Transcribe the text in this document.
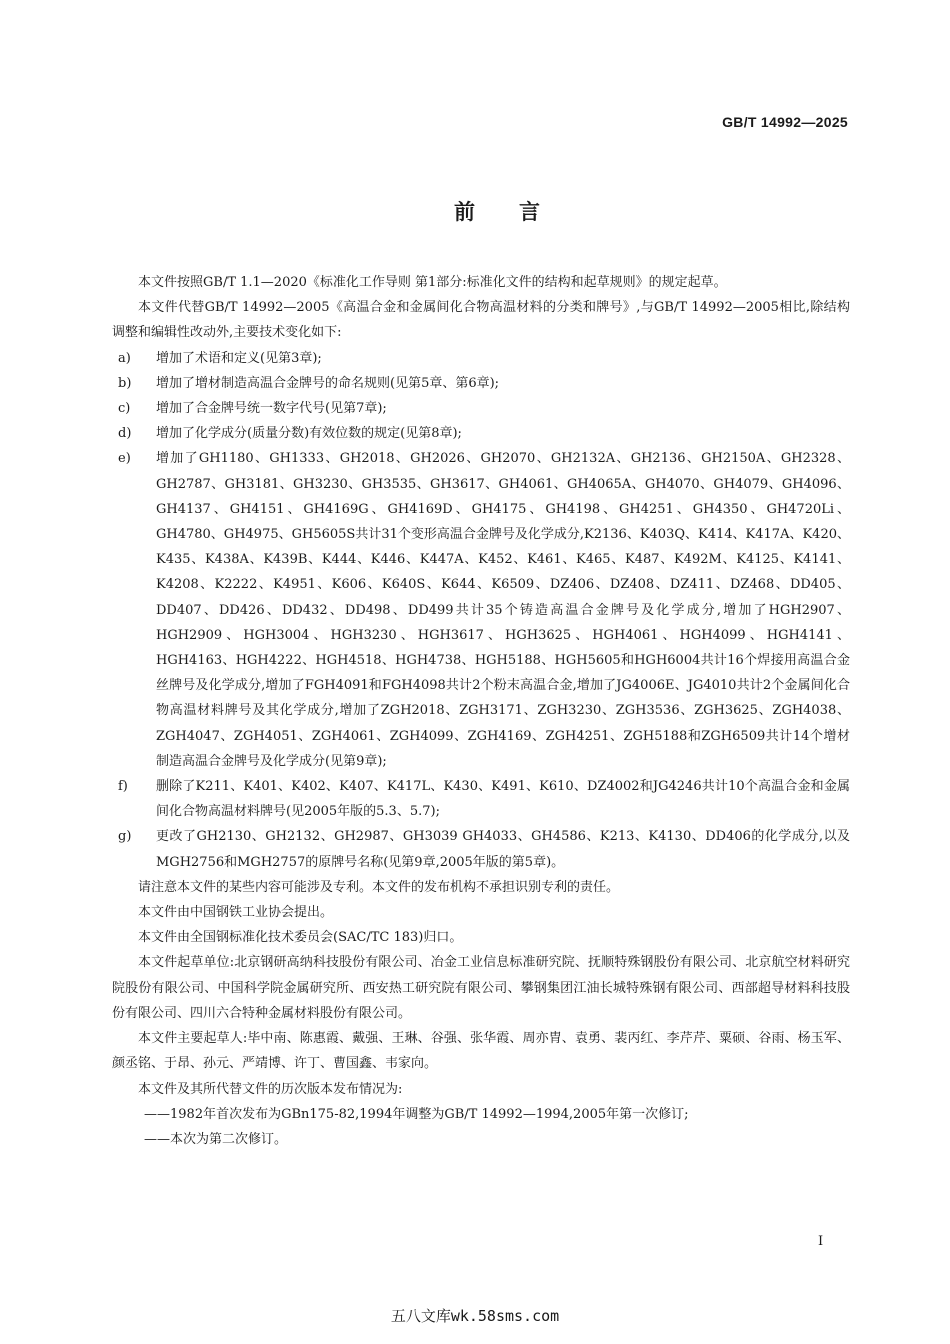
GB/T 14992—2025
前言

本文件按照GB/T 1.1—2020《标准化工作导则 第1部分:标准化文件的结构和起草规则》的规定起草。

本文件代替GB/T 14992—2005《高温合金和金属间化合物高温材料的分类和牌号》,与GB/T 14992—2005相比,除结构调整和编辑性改动外,主要技术变化如下:

a)	增加了术语和定义(见第3章);
b)	增加了增材制造高温合金牌号的命名规则(见第5章、第6章);
c)	增加了合金牌号统一数字代号(见第7章);
d)	增加了化学成分(质量分数)有效位数的规定(见第8章);
e)	增加了GH1180、GH1333、GH2018、GH2026、GH2070、GH2132A、GH2136、GH2150A、GH2328、GH2787、GH3181、GH3230、GH3535、GH3617、GH4061、GH4065A、GH4070、GH4079、GH4096、GH4137、GH4151、GH4169G、GH4169D、GH4175、GH4198、GH4251、GH4350、GH4720Li、GH4780、GH4975、GH5605S共计31个变形高温合金牌号及化学成分,K2136、K403Q、K414、K417A、K420、K435、K438A、K439B、K444、K446、K447A、K452、K461、K465、K487、K492M、K4125、K4141、K4208、K2222、K4951、K606、K640S、K644、K6509、DZ406、DZ408、DZ411、DZ468、DD405、DD407、DD426、DD432、DD498、DD499共计35个铸造高温合金牌号及化学成分,增加了HGH2907、HGH2909、HGH3004、HGH3230、HGH3617、HGH3625、HGH4061、HGH4099、HGH4141、HGH4163、HGH4222、HGH4518、HGH4738、HGH5188、HGH5605和HGH6004共计16个焊接用高温合金丝牌号及化学成分,增加了FGH4091和FGH4098共计2个粉末高温合金,增加了JG4006E、JG4010共计2个金属间化合物高温材料牌号及其化学成分,增加了ZGH2018、ZGH3171、ZGH3230、ZGH3536、ZGH3625、ZGH4038、ZGH4047、ZGH4051、ZGH4061、ZGH4099、ZGH4169、ZGH4251、ZGH5188和ZGH6509共计14个增材制造高温合金牌号及化学成分(见第9章);
f)	删除了K211、K401、K402、K407、K417L、K430、K491、K610、DZ4002和JG4246共计10个高温合金和金属间化合物高温材料牌号(见2005年版的5.3、5.7);
g)	更改了GH2130、GH2132、GH2987、GH3039 GH4033、GH4586、K213、K4130、DD406的化学成分,以及MGH2756和MGH2757的原牌号名称(见第9章,2005年版的第5章)。

请注意本文件的某些内容可能涉及专利。本文件的发布机构不承担识别专利的责任。

本文件由中国钢铁工业协会提出。

本文件由全国钢标准化技术委员会(SAC/TC 183)归口。

本文件起草单位:北京钢研高纳科技股份有限公司、冶金工业信息标准研究院、抚顺特殊钢股份有限公司、北京航空材料研究院股份有限公司、中国科学院金属研究所、西安热工研究院有限公司、攀钢集团江油长城特殊钢有限公司、西部超导材料科技股份有限公司、四川六合特种金属材料股份有限公司。

本文件主要起草人:毕中南、陈惠霞、戴强、王琳、谷强、张华霞、周亦胄、袁勇、裴丙红、李芹芹、粟硕、谷雨、杨玉军、颜丞铭、于昂、孙元、严靖博、许丁、曹国鑫、韦家向。

本文件及其所代替文件的历次版本发布情况为:

——1982年首次发布为GBn175-82,1994年调整为GB/T 14992—1994,2005年第一次修订;

——本次为第二次修订。

I
五八文库wk.58sms.com
